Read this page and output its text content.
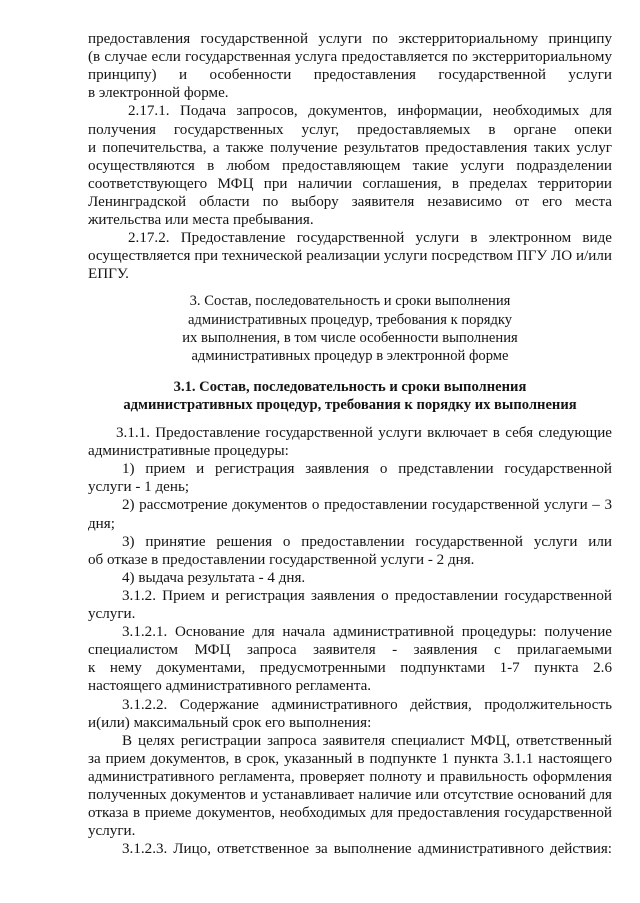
предоставления государственной услуги по экстерриториальному принципу
(в случае если государственная услуга предоставляется по экстерриториальному
принципу) и особенности предоставления государственной услуги
в электронной форме.
2.17.1. Подача запросов, документов, информации, необходимых для
получения государственных услуг, предоставляемых в органе опеки
и попечительства, а также получение результатов предоставления таких услуг
осуществляются в любом предоставляющем такие услуги подразделении
соответствующего МФЦ при наличии соглашения, в пределах территории
Ленинградской области по выбору заявителя независимо от его места
жительства или места пребывания.
2.17.2. Предоставление государственной услуги в электронном виде
осуществляется при технической реализации услуги посредством ПГУ ЛО и/или
ЕПГУ.
3. Состав, последовательность и сроки выполнения
административных процедур, требования к порядку
их выполнения, в том числе особенности выполнения
административных процедур в электронной форме
3.1. Состав, последовательность и сроки выполнения
административных процедур, требования к порядку их выполнения
3.1.1. Предоставление государственной услуги включает в себя следующие
административные процедуры:
1) прием и регистрация заявления о представлении государственной
услуги - 1 день;
2) рассмотрение документов о предоставлении государственной услуги – 3
дня;
3) принятие решения о предоставлении государственной услуги или
об отказе в предоставлении государственной услуги - 2 дня.
4) выдача результата - 4 дня.
3.1.2. Прием и регистрация заявления о предоставлении государственной
услуги.
3.1.2.1. Основание для начала административной процедуры: получение
специалистом МФЦ запроса заявителя - заявления с прилагаемыми
к нему документами, предусмотренными подпунктами 1-7 пункта 2.6
настоящего административного регламента.
3.1.2.2. Содержание административного действия, продолжительность
и(или) максимальный срок его выполнения:
В целях регистрации запроса заявителя специалист МФЦ, ответственный
за прием документов, в срок, указанный в подпункте 1 пункта 3.1.1 настоящего
административного регламента, проверяет полноту и правильность оформления
полученных документов и устанавливает наличие или отсутствие оснований для
отказа в приеме документов, необходимых для предоставления государственной
услуги.
3.1.2.3. Лицо, ответственное за выполнение административного действия:
